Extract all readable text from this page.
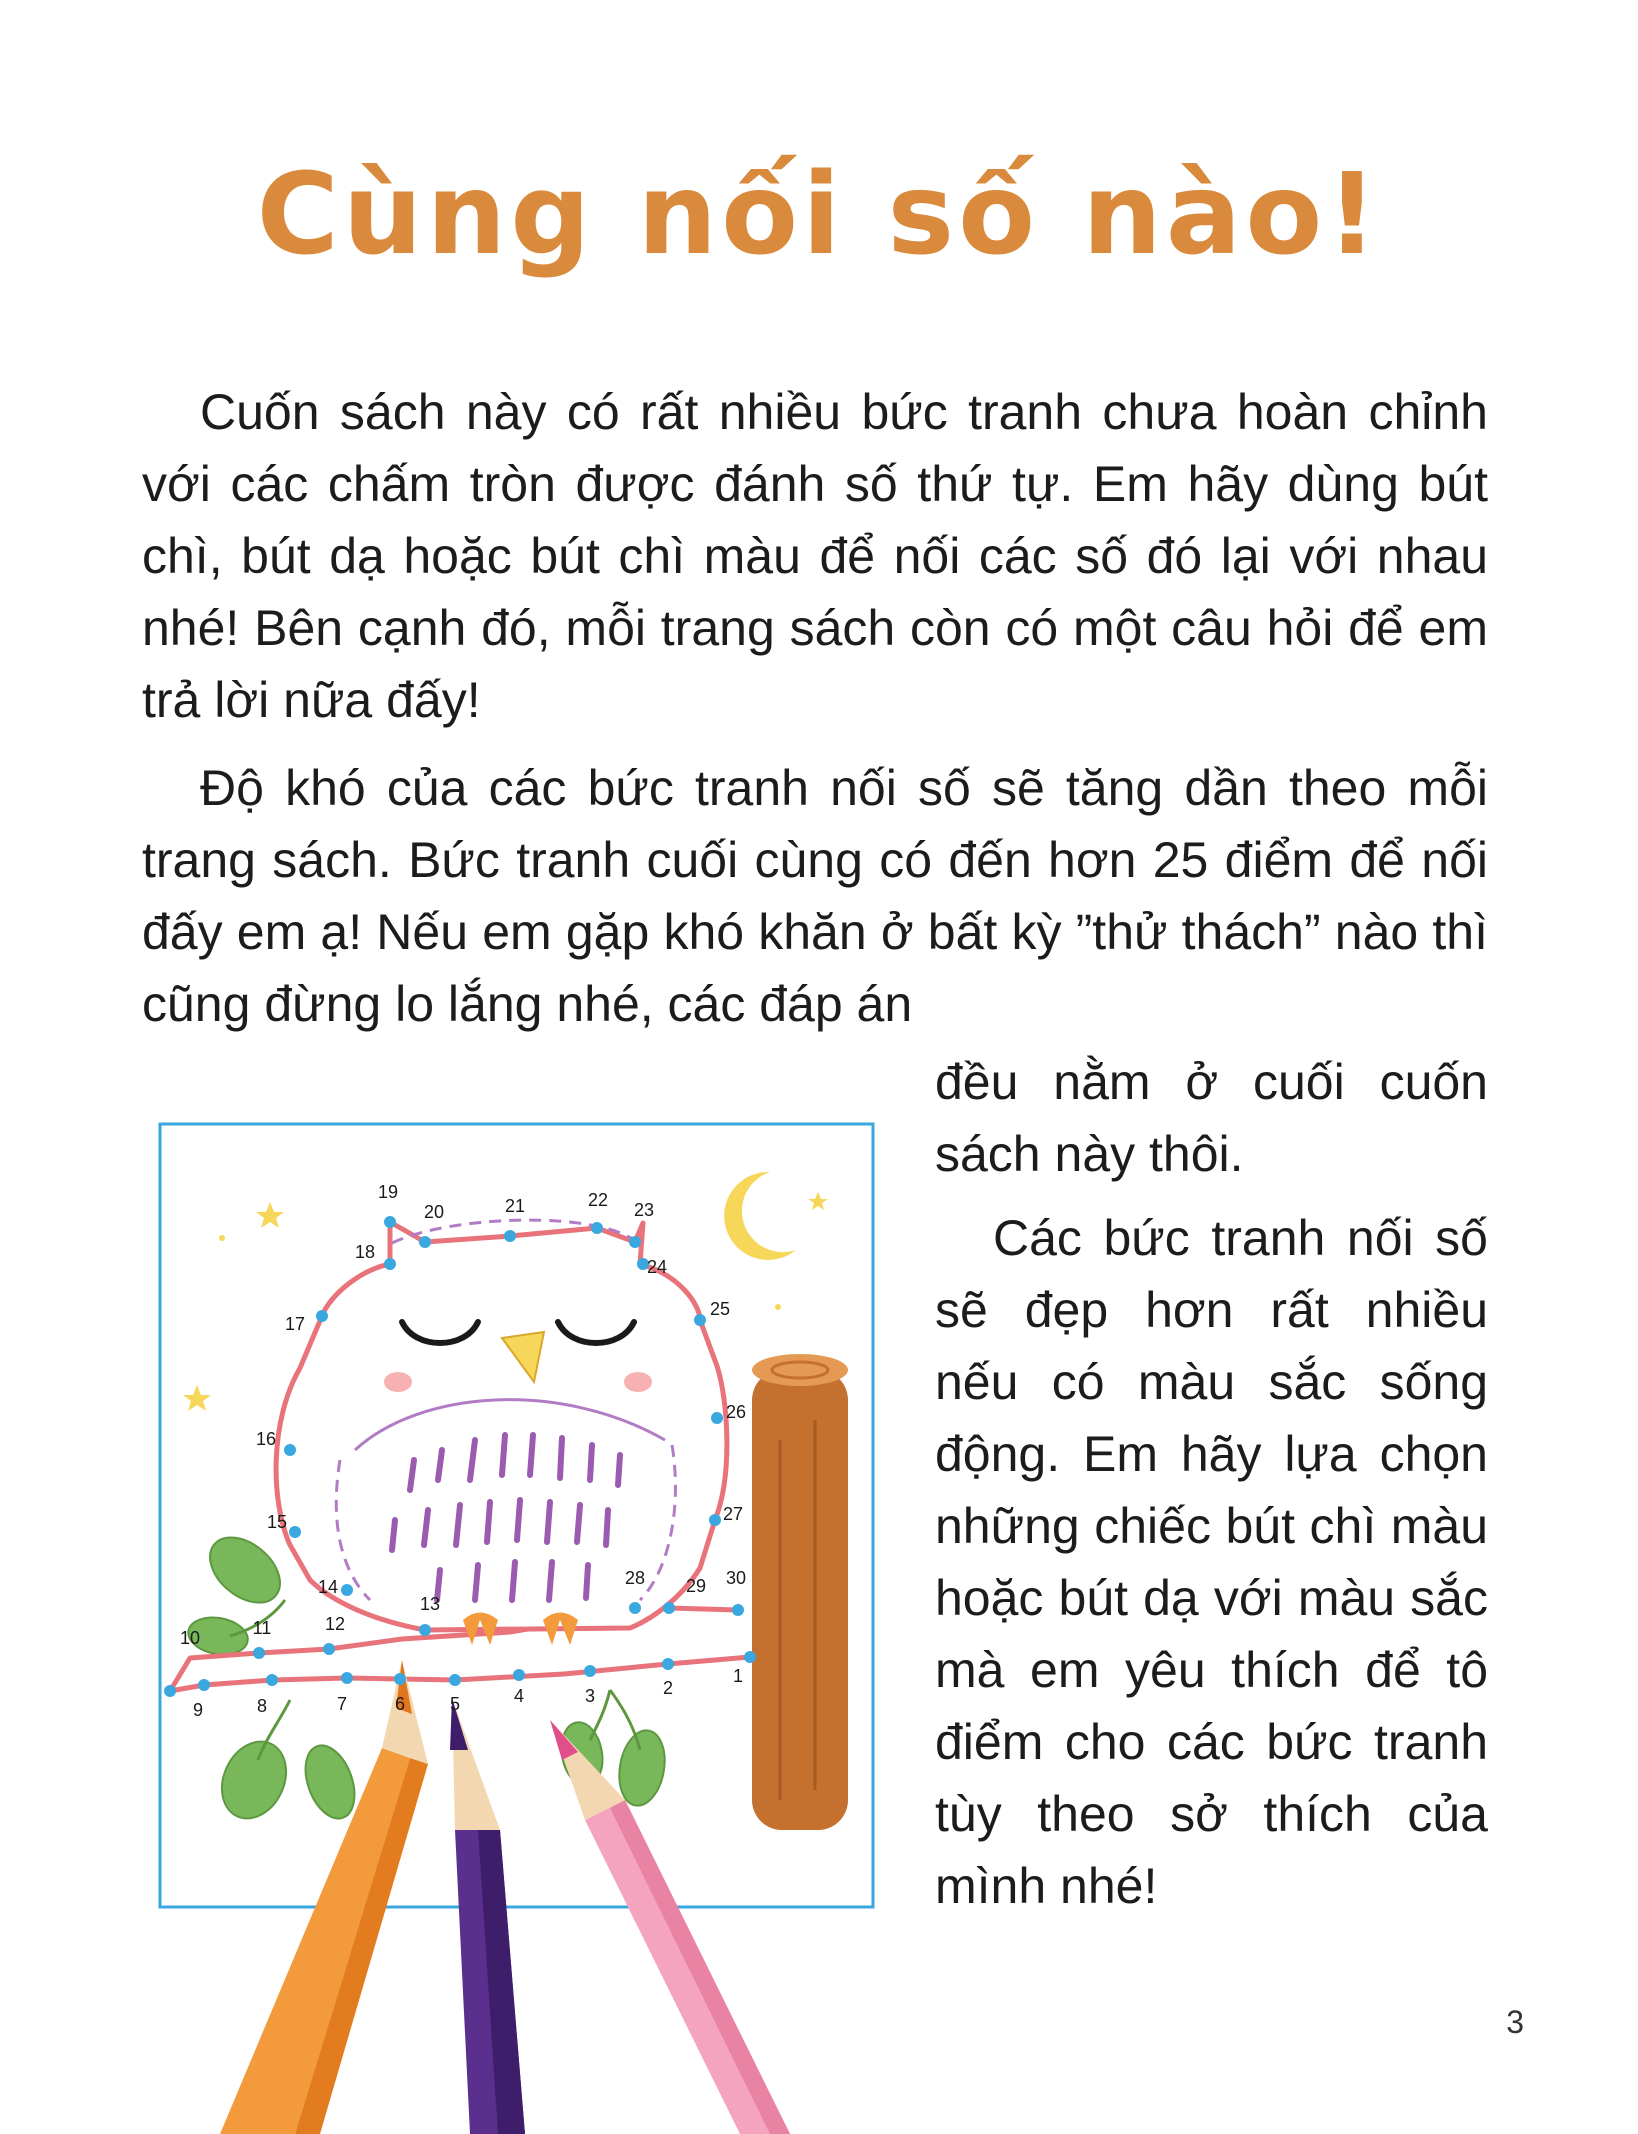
Cùng nối số nào!

Cuốn sách này có rất nhiều bức tranh chưa hoàn chỉnh với các chấm tròn được đánh số thứ tự. Em hãy dùng bút chì, bút dạ hoặc bút chì màu để nối các số đó lại với nhau nhé! Bên cạnh đó, mỗi trang sách còn có một câu hỏi để em trả lời nữa đấy!

Độ khó của các bức tranh nối số sẽ tăng dần theo mỗi trang sách. Bức tranh cuối cùng có đến hơn 25 điểm để nối đấy em ạ! Nếu em gặp khó khăn ở bất kỳ ”thử thách” nào thì cũng đừng lo lắng nhé, các đáp án

đều nằm ở cuối cuốn sách này thôi.

Các bức tranh nối số sẽ đẹp hơn rất nhiều nếu có màu sắc sống động. Em hãy lựa chọn những chiếc bút chì màu hoặc bút dạ với màu sắc mà em yêu thích để tô điểm cho các bức tranh tùy theo sở thích của mình nhé!

1
2
3
4
5
6
7
8
9
10	11	12
13
14
15
16
17
18
19
20	21	22 23
24
25
26
27
28 29 30
3
